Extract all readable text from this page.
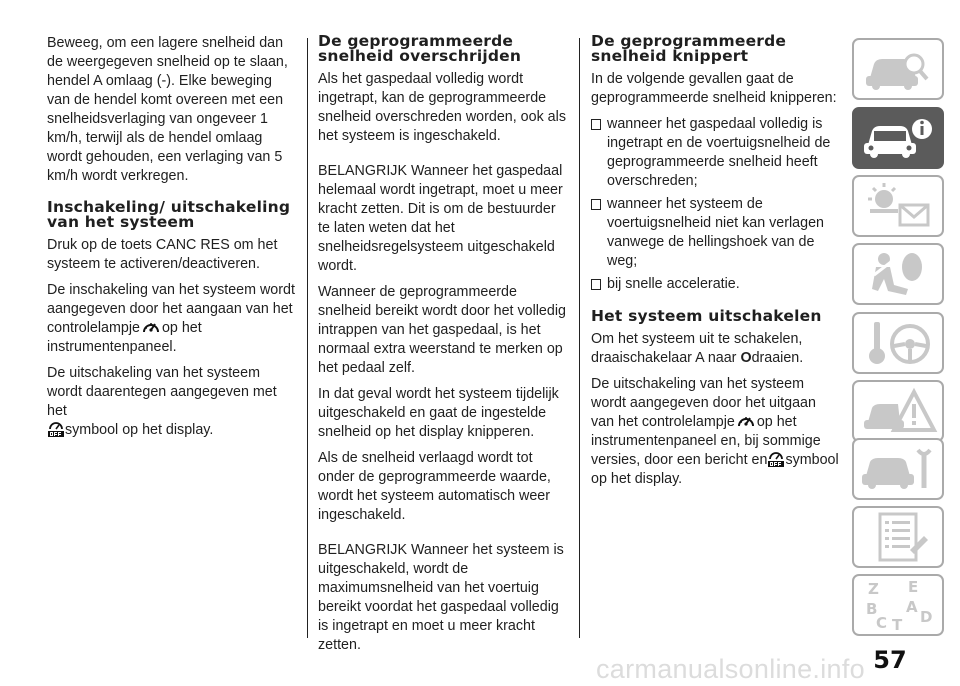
Beweeg, om een lagere snelheid dan de weergegeven snelheid op te slaan, hendel A omlaag (-). Elke beweging van de hendel komt overeen met een snelheidsverlaging van ongeveer 1 km/h, terwijl als de hendel omlaag wordt gehouden, een verlaging van 5 km/h wordt verkregen.

Inschakeling/ uitschakeling van het systeem

Druk op de toets CANC RES om het systeem te activeren/deactiveren.

De inschakeling van het systeem wordt aangegeven door het aangaan van het controlelampje op het instrumentenpaneel.

De uitschakeling van het systeem wordt daarentegen aangegeven met het
symbool op het display.

De geprogrammeerde snelheid overschrijden

Als het gaspedaal volledig wordt ingetrapt, kan de geprogrammeerde snelheid overschreden worden, ook als het systeem is ingeschakeld.

BELANGRIJK Wanneer het gaspedaal helemaal wordt ingetrapt, moet u meer kracht zetten. Dit is om de bestuurder te laten weten dat het snelheidsregelsysteem uitgeschakeld wordt.

Wanneer de geprogrammeerde snelheid bereikt wordt door het volledig intrappen van het gaspedaal, is het normaal extra weerstand te merken op het pedaal zelf.

In dat geval wordt het systeem tijdelijk uitgeschakeld en gaat de ingestelde snelheid op het display knipperen.

Als de snelheid verlaagd wordt tot onder de geprogrammeerde waarde, wordt het systeem automatisch weer ingeschakeld.

BELANGRIJK Wanneer het systeem is uitgeschakeld, wordt de maximumsnelheid van het voertuig bereikt voordat het gaspedaal volledig is ingetrapt en moet u meer kracht zetten.

De geprogrammeerde snelheid knippert

In de volgende gevallen gaat de geprogrammeerde snelheid knipperen:

wanneer het gaspedaal volledig is ingetrapt en de voertuigsnelheid de geprogrammeerde snelheid heeft overschreden;
wanneer het systeem de voertuigsnelheid niet kan verlagen vanwege de hellingshoek van de weg;
bij snelle acceleratie.
Het systeem uitschakelen

Om het systeem uit te schakelen, draaischakelaar A naar Odraaien.

De uitschakeling van het systeem wordt aangegeven door het uitgaan van het controlelampje op het instrumentenpaneel en, bij sommige versies, door een bericht en symbool op het display.

Z E
B A
C T D
57
carmanualsonline.info
